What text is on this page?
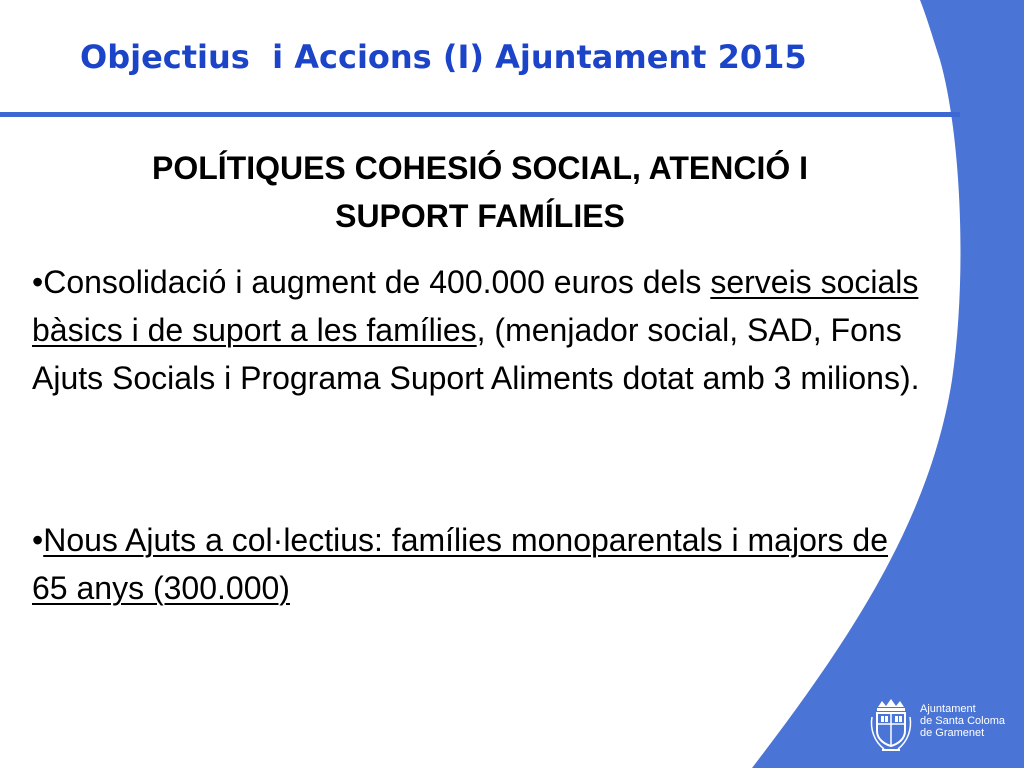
Objectius  i Accions (I) Ajuntament 2015
POLÍTIQUES COHESIÓ SOCIAL, ATENCIÓ I
SUPORT FAMÍLIES

•Consolidació i augment de 400.000 euros dels serveis socials bàsics i de suport a les famílies, (menjador social, SAD, Fons Ajuts Socials i Programa Suport Aliments dotat amb 3 milions).

•Nous Ajuts a col·lectius: famílies monoparentals i majors de 65 anys (300.000)

Ajuntament
de Santa Coloma
de Gramenet
